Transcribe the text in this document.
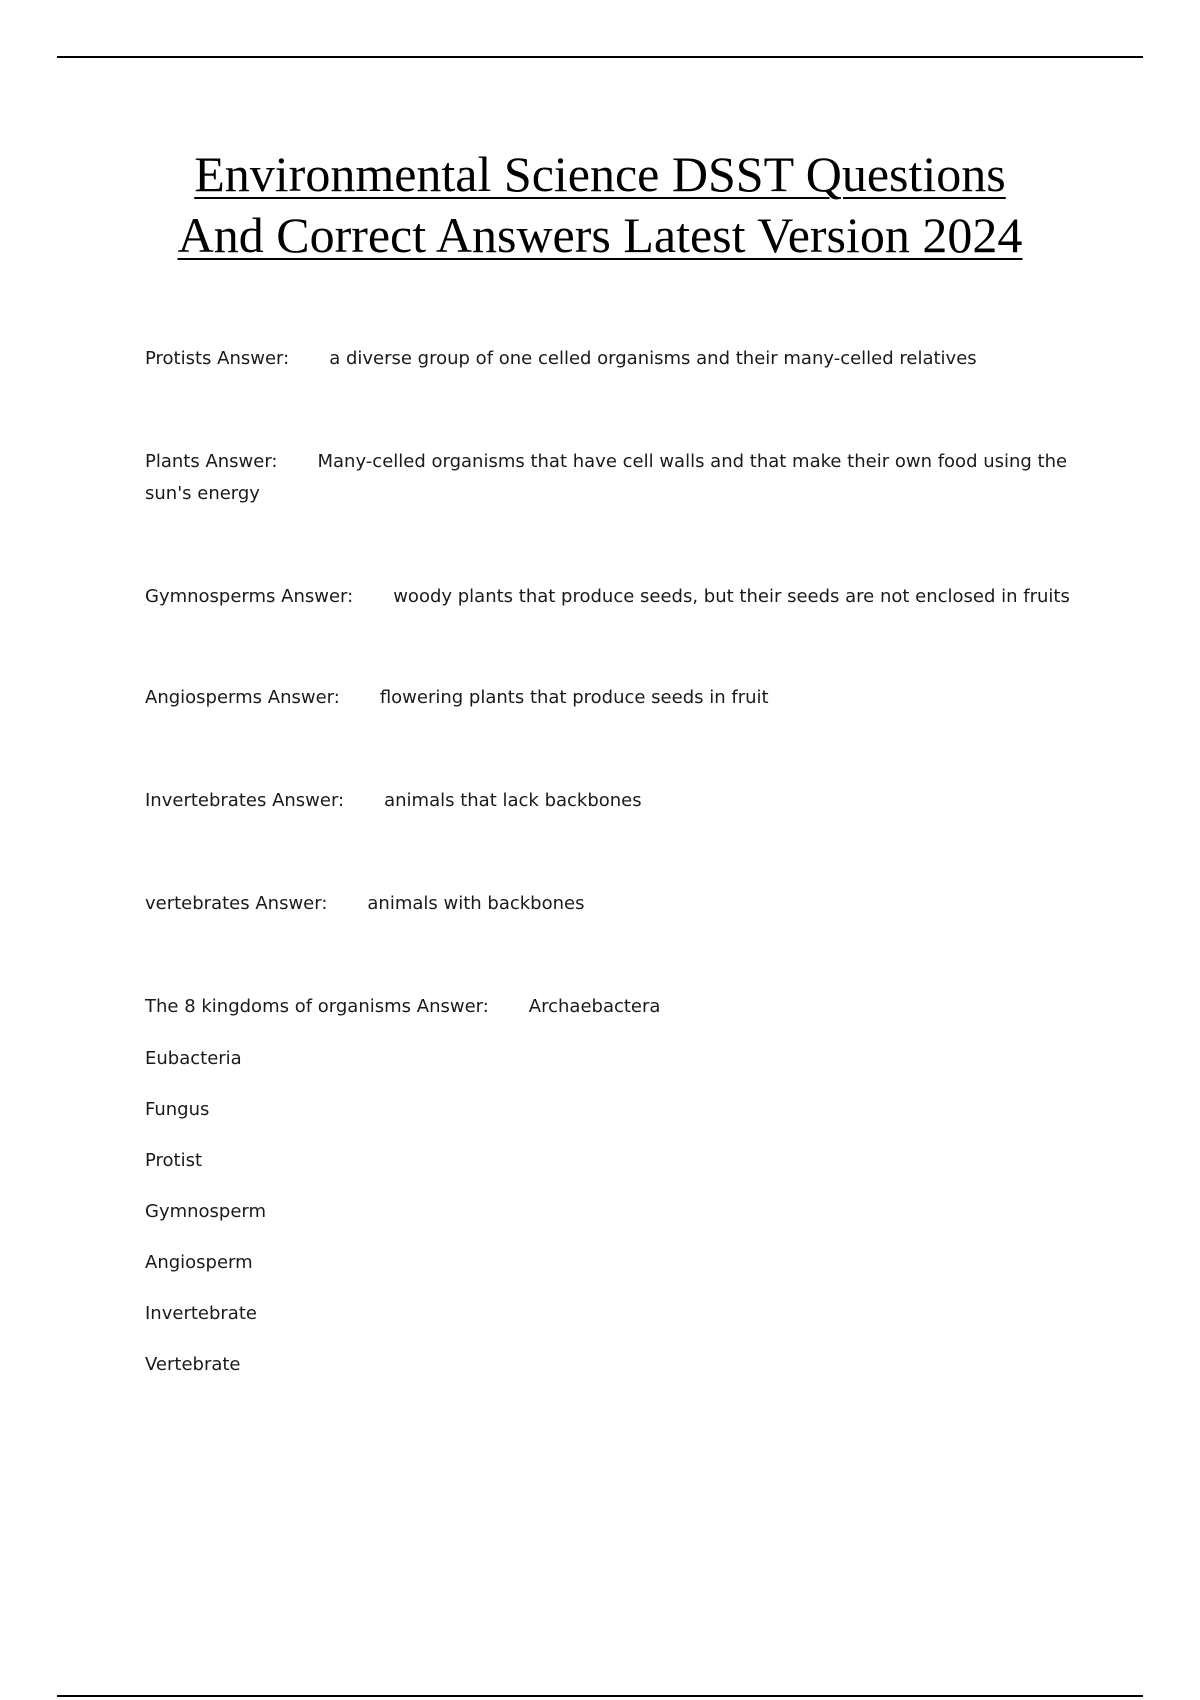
Environmental Science DSST Questions
And Correct Answers Latest Version 2024
Protists Answer: a diverse group of one celled organisms and their many-celled relatives
Plants Answer: Many-celled organisms that have cell walls and that make their own food using the sun's energy
Gymnosperms Answer: woody plants that produce seeds, but their seeds are not enclosed in fruits
Angiosperms Answer: flowering plants that produce seeds in fruit
Invertebrates Answer: animals that lack backbones
vertebrates Answer: animals with backbones
The 8 kingdoms of organisms Answer: Archaebactera
Eubacteria
Fungus
Protist
Gymnosperm
Angiosperm
Invertebrate
Vertebrate
